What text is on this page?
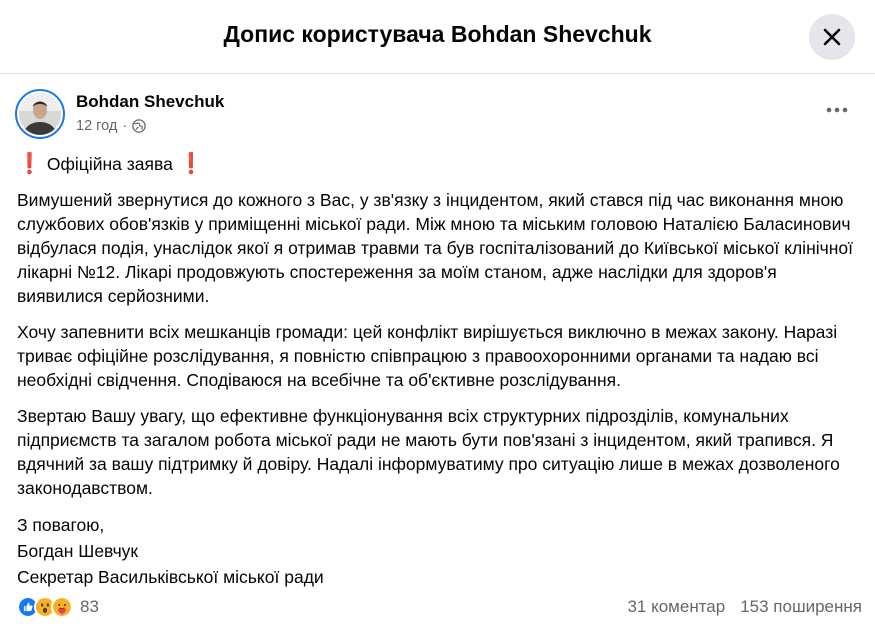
Допис користувача Bohdan Shevchuk
Bohdan Shevchuk
12 год ·

❗ Офіційна заява ❗

Вимушений звернутися до кожного з Вас, у зв'язку з інцидентом, який стався під час виконання мною службових обов'язків у приміщенні міської ради. Між мною та міським головою Наталією Баласинович відбулася подія, унаслідок якої я отримав травми та був госпіталізований до Київської міської клінічної лікарні №12. Лікарі продовжують спостереження за моїм станом, адже наслідки для здоров'я виявилися серйозними.

Хочу запевнити всіх мешканців громади: цей конфлікт вирішується виключно в межах закону. Наразі триває офіційне розслідування, я повністю співпрацюю з правоохоронними органами та надаю всі необхідні свідчення. Сподіваюся на всебічне та об'єктивне розслідування.

Звертаю Вашу увагу, що ефективне функціонування всіх структурних підрозділів, комунальних підприємств та загалом робота міської ради не мають бути пов'язані з інцидентом, який трапився. Я вдячний за вашу підтримку й довіру. Надалі інформуватиму про ситуацію лише в межах дозволеного законодавством.

З повагою,
Богдан Шевчук
Секретар Васильківської міської ради
83	31 коментар 153 поширення
